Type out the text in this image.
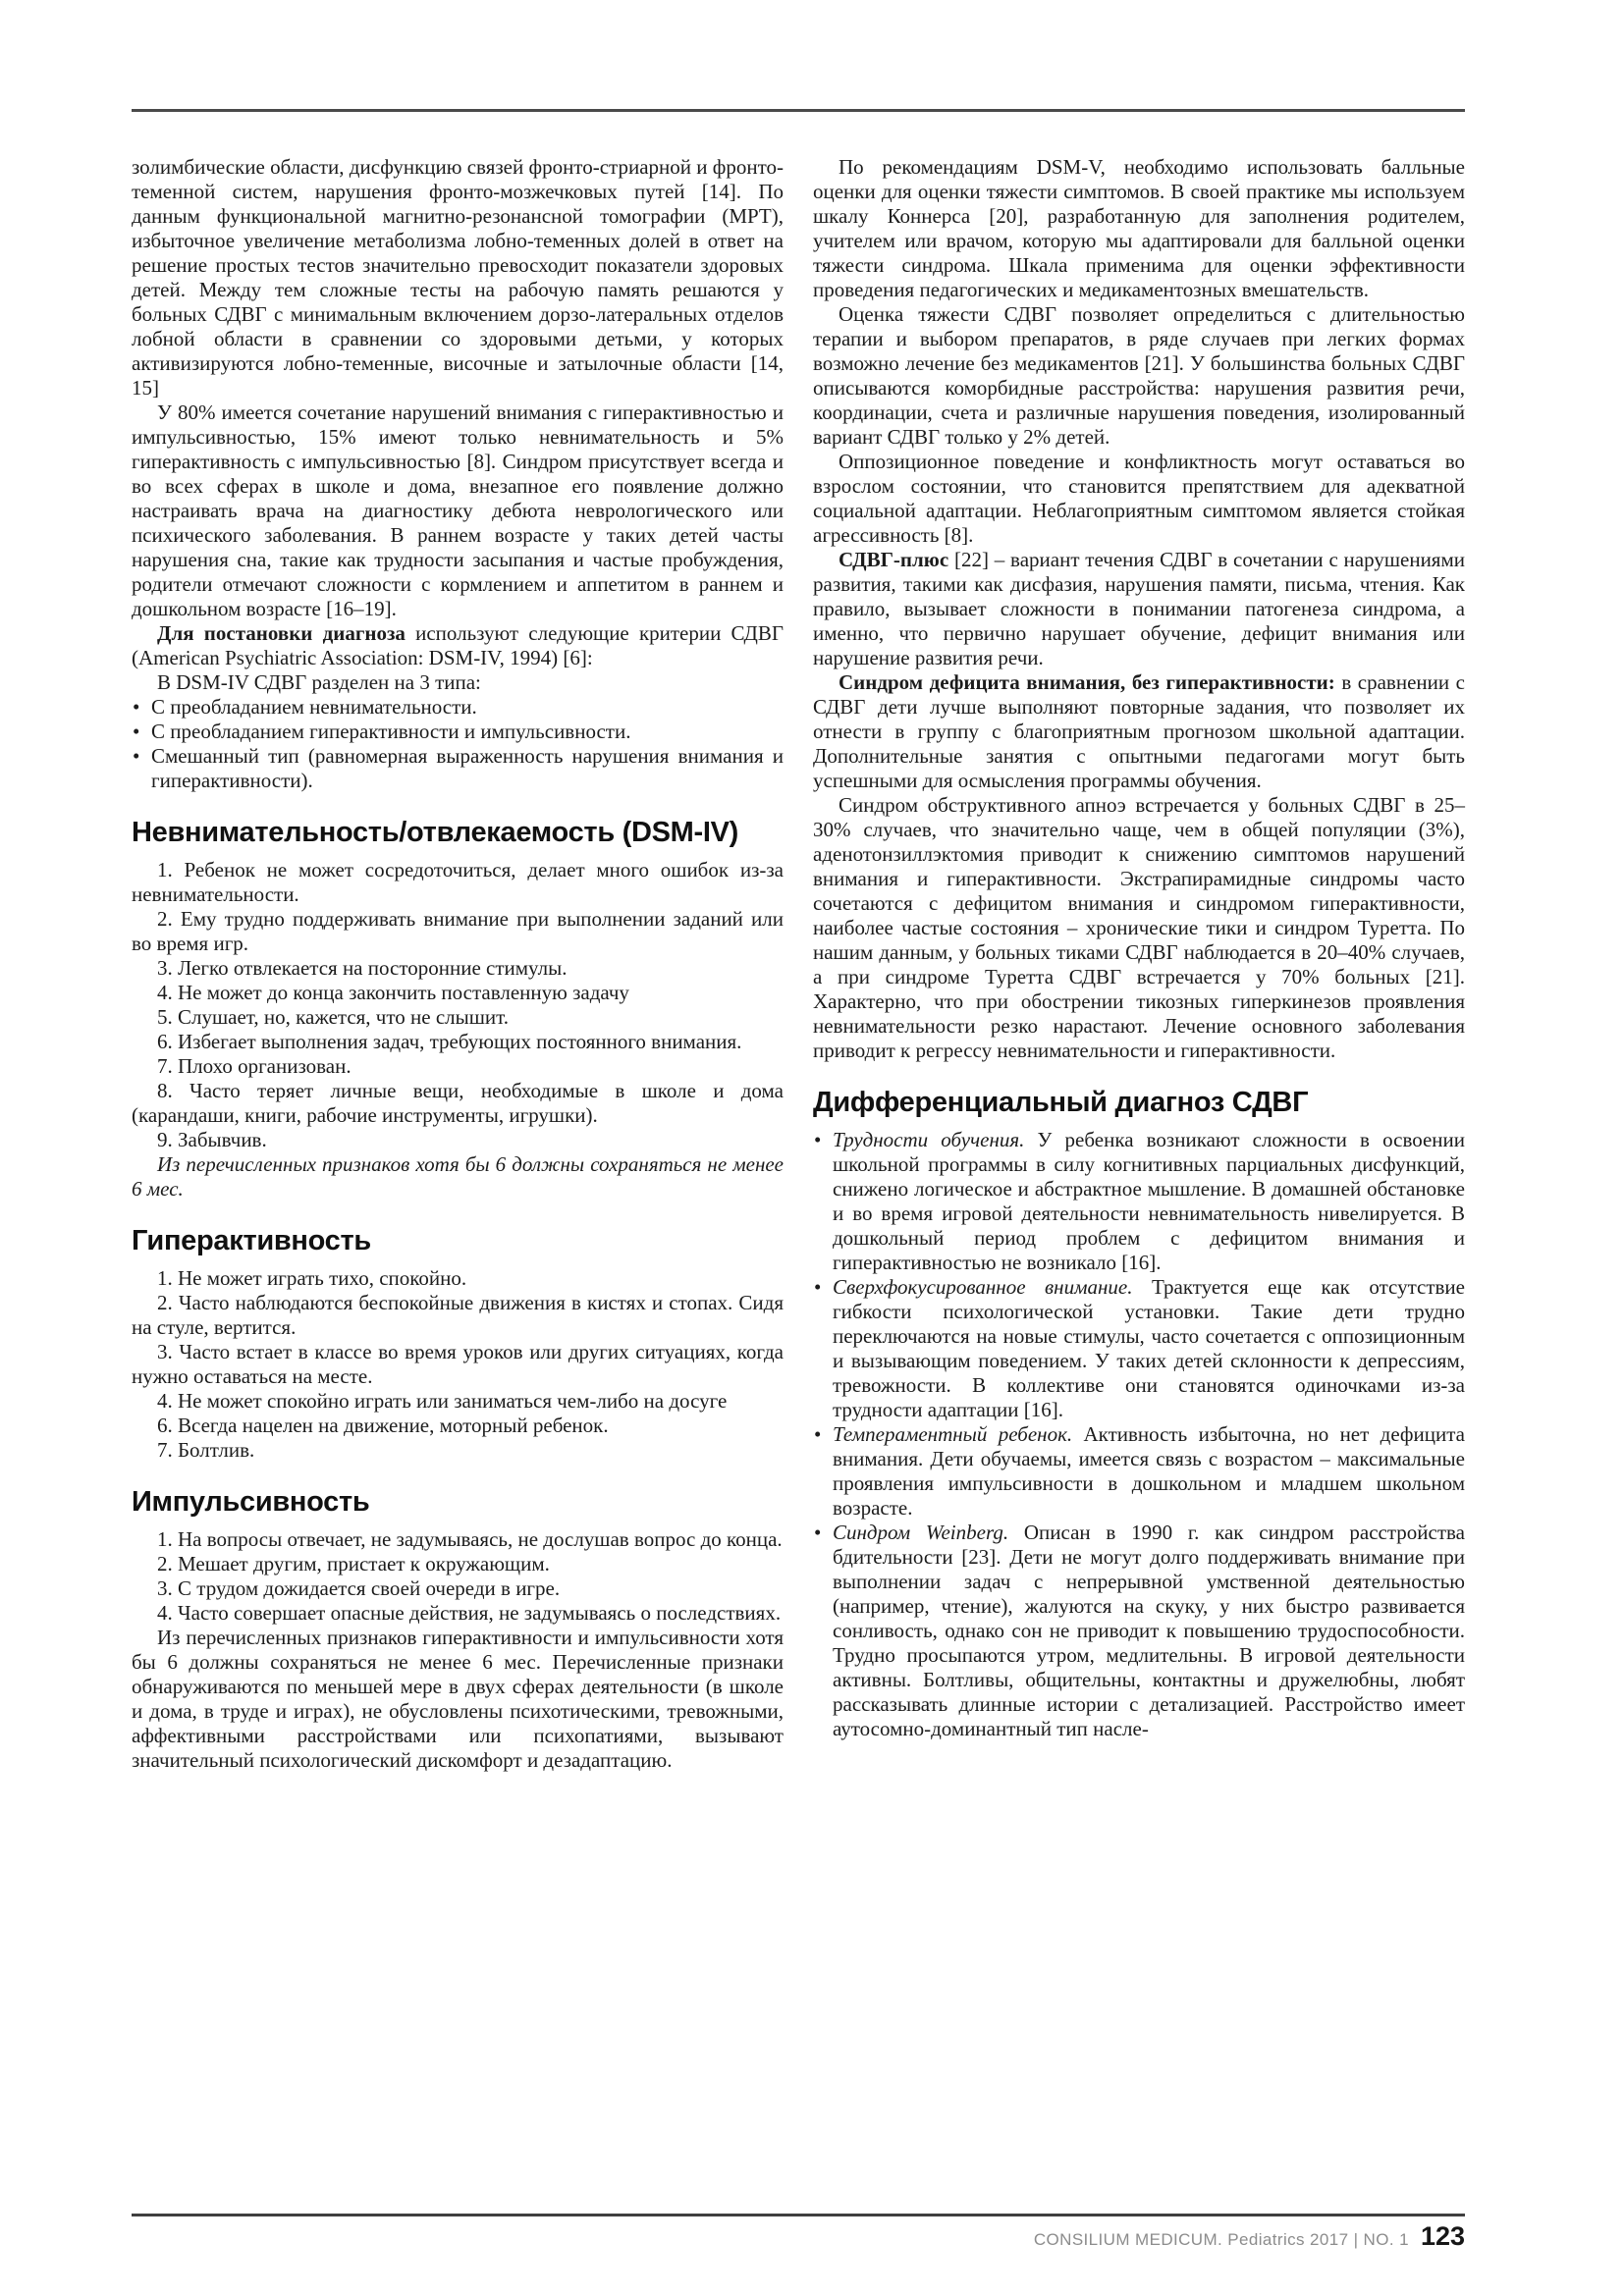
золимбические области, дисфункцию связей фронто-стриарной и фронто-теменной систем, нарушения фронто-мозжечковых путей [14]. По данным функциональной магнитно-резонансной томографии (МРТ), избыточное увеличение метаболизма лобно-теменных долей в ответ на решение простых тестов значительно превосходит показатели здоровых детей. Между тем сложные тесты на рабочую память решаются у больных СДВГ с минимальным включением дорзо-латеральных отделов лобной области в сравнении со здоровыми детьми, у которых активизируются лобно-теменные, височные и затылочные области [14, 15]

У 80% имеется сочетание нарушений внимания с гиперактивностью и импульсивностью, 15% имеют только невнимательность и 5% гиперактивность с импульсивностью [8]. Синдром присутствует всегда и во всех сферах в школе и дома, внезапное его появление должно настраивать врача на диагностику дебюта неврологического или психического заболевания. В раннем возрасте у таких детей часты нарушения сна, такие как трудности засыпания и частые пробуждения, родители отмечают сложности с кормлением и аппетитом в раннем и дошкольном возрасте [16–19].

Для постановки диагноза используют следующие критерии СДВГ (American Psychiatric Association: DSM-IV, 1994) [6]:

В DSM-IV СДВГ разделен на 3 типа:

• С преобладанием невнимательности.
• С преобладанием гиперактивности и импульсивности.
• Смешанный тип (равномерная выраженность нарушения внимания и гиперактивности).
Невнимательность/отвлекаемость (DSM-IV)

1. Ребенок не может сосредоточиться, делает много ошибок из-за невнимательности.

2. Ему трудно поддерживать внимание при выполнении заданий или во время игр.

3. Легко отвлекается на посторонние стимулы.

4. Не может до конца закончить поставленную задачу

5. Слушает, но, кажется, что не слышит.

6. Избегает выполнения задач, требующих постоянного внимания.

7. Плохо организован.

8. Часто теряет личные вещи, необходимые в школе и дома (карандаши, книги, рабочие инструменты, игрушки).

9. Забывчив.

Из перечисленных признаков хотя бы 6 должны сохраняться не менее 6 мес.

Гиперактивность

1. Не может играть тихо, спокойно.

2. Часто наблюдаются беспокойные движения в кистях и стопах. Сидя на стуле, вертится.

3. Часто встает в классе во время уроков или других ситуациях, когда нужно оставаться на месте.

4. Не может спокойно играть или заниматься чем-либо на досуге

6. Всегда нацелен на движение, моторный ребенок.

7. Болтлив.

Импульсивность

1. На вопросы отвечает, не задумываясь, не дослушав вопрос до конца.

2. Мешает другим, пристает к окружающим.

3. С трудом дожидается своей очереди в игре.

4. Часто совершает опасные действия, не задумываясь о последствиях.

Из перечисленных признаков гиперактивности и импульсивности хотя бы 6 должны сохраняться не менее 6 мес. Перечисленные признаки обнаруживаются по меньшей мере в двух сферах деятельности (в школе и дома, в труде и играх), не обусловлены психотическими, тревожными, аффективными расстройствами или психопатиями, вызывают значительный психологический дискомфорт и дезадаптацию.

По рекомендациям DSM-V, необходимо использовать балльные оценки для оценки тяжести симптомов. В своей практике мы используем шкалу Коннерса [20], разработанную для заполнения родителем, учителем или врачом, которую мы адаптировали для балльной оценки тяжести синдрома. Шкала применима для оценки эффективности проведения педагогических и медикаментозных вмешательств.

Оценка тяжести СДВГ позволяет определиться с длительностью терапии и выбором препаратов, в ряде случаев при легких формах возможно лечение без медикаментов [21]. У большинства больных СДВГ описываются коморбидные расстройства: нарушения развития речи, координации, счета и различные нарушения поведения, изолированный вариант СДВГ только у 2% детей.

Оппозиционное поведение и конфликтность могут оставаться во взрослом состоянии, что становится препятствием для адекватной социальной адаптации. Неблагоприятным симптомом является стойкая агрессивность [8].

СДВГ-плюс [22] – вариант течения СДВГ в сочетании с нарушениями развития, такими как дисфазия, нарушения памяти, письма, чтения. Как правило, вызывает сложности в понимании патогенеза синдрома, а именно, что первично нарушает обучение, дефицит внимания или нарушение развития речи.

Синдром дефицита внимания, без гиперактивности: в сравнении с СДВГ дети лучше выполняют повторные задания, что позволяет их отнести в группу с благоприятным прогнозом школьной адаптации. Дополнительные занятия с опытными педагогами могут быть успешными для осмысления программы обучения.

Синдром обструктивного апноэ встречается у больных СДВГ в 25–30% случаев, что значительно чаще, чем в общей популяции (3%), аденотонзиллэктомия приводит к снижению симптомов нарушений внимания и гиперактивности. Экстрапирамидные синдромы часто сочетаются с дефицитом внимания и синдромом гиперактивности, наиболее частые состояния – хронические тики и синдром Туретта. По нашим данным, у больных тиками СДВГ наблюдается в 20–40% случаев, а при синдроме Туретта СДВГ встречается у 70% больных [21]. Характерно, что при обострении тикозных гиперкинезов проявления невнимательности резко нарастают. Лечение основного заболевания приводит к регрессу невнимательности и гиперактивности.

Дифференциальный диагноз СДВГ
• Трудности обучения. У ребенка возникают сложности в освоении школьной программы в силу когнитивных парциальных дисфункций, снижено логическое и абстрактное мышление. В домашней обстановке и во время игровой деятельности невнимательность нивелируется. В дошкольный период проблем с дефицитом внимания и гиперактивностью не возникало [16].
• Сверхфокусированное внимание. Трактуется еще как отсутствие гибкости психологической установки. Такие дети трудно переключаются на новые стимулы, часто сочетается с оппозиционным и вызывающим поведением. У таких детей склонности к депрессиям, тревожности. В коллективе они становятся одиночками из-за трудности адаптации [16].
• Темпераментный ребенок. Активность избыточна, но нет дефицита внимания. Дети обучаемы, имеется связь с возрастом – максимальные проявления импульсивности в дошкольном и младшем школьном возрасте.
• Синдром Weinberg. Описан в 1990 г. как синдром расстройства бдительности [23]. Дети не могут долго поддерживать внимание при выполнении задач с непрерывной умственной деятельностью (например, чтение), жалуются на скуку, у них быстро развивается сонливость, однако сон не приводит к повышению трудоспособности. Трудно просыпаются утром, медлительны. В игровой деятельности активны. Болтливы, общительны, контактны и дружелюбны, любят рассказывать длинные истории с детализацией. Расстройство имеет аутосомно-доминантный тип насле-
CONSILIUM MEDICUM. Pediatrics 2017 | NO. 1 123
